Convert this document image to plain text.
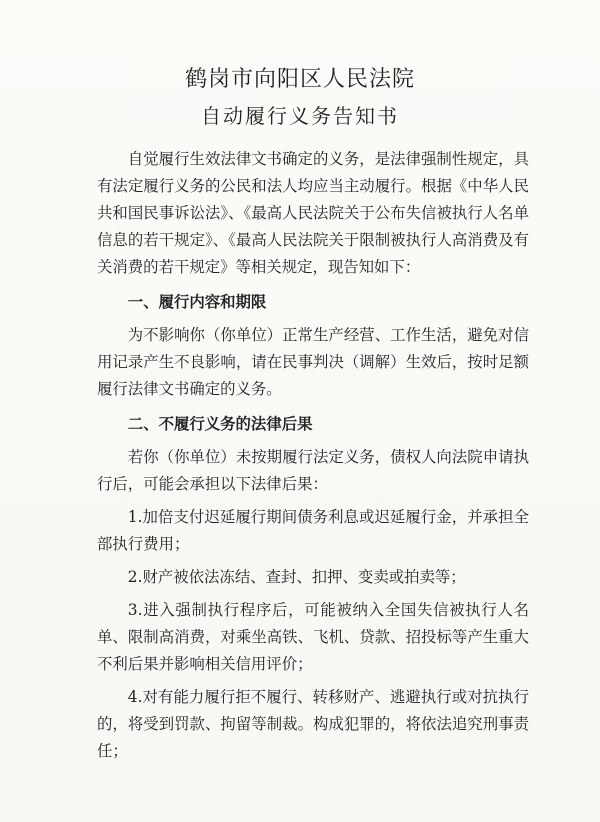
鹤岗市向阳区人民法院
自动履行义务告知书

自觉履行生效法律文书确定的义务，是法律强制性规定，具有法定履行义务的公民和法人均应当主动履行。根据《中华人民共和国民事诉讼法》、《最高人民法院关于公布失信被执行人名单信息的若干规定》、《最高人民法院关于限制被执行人高消费及有关消费的若干规定》等相关规定，现告知如下：

一、履行内容和期限

为不影响你（你单位）正常生产经营、工作生活，避免对信用记录产生不良影响，请在民事判决（调解）生效后，按时足额履行法律文书确定的义务。

二、不履行义务的法律后果

若你（你单位）未按期履行法定义务，债权人向法院申请执行后，可能会承担以下法律后果：

1.加倍支付迟延履行期间债务利息或迟延履行金，并承担全部执行费用；

2.财产被依法冻结、查封、扣押、变卖或拍卖等；

3.进入强制执行程序后，可能被纳入全国失信被执行人名单、限制高消费，对乘坐高铁、飞机、贷款、招投标等产生重大不利后果并影响相关信用评价；

4.对有能力履行拒不履行、转移财产、逃避执行或对抗执行的，将受到罚款、拘留等制裁。构成犯罪的，将依法追究刑事责任；
